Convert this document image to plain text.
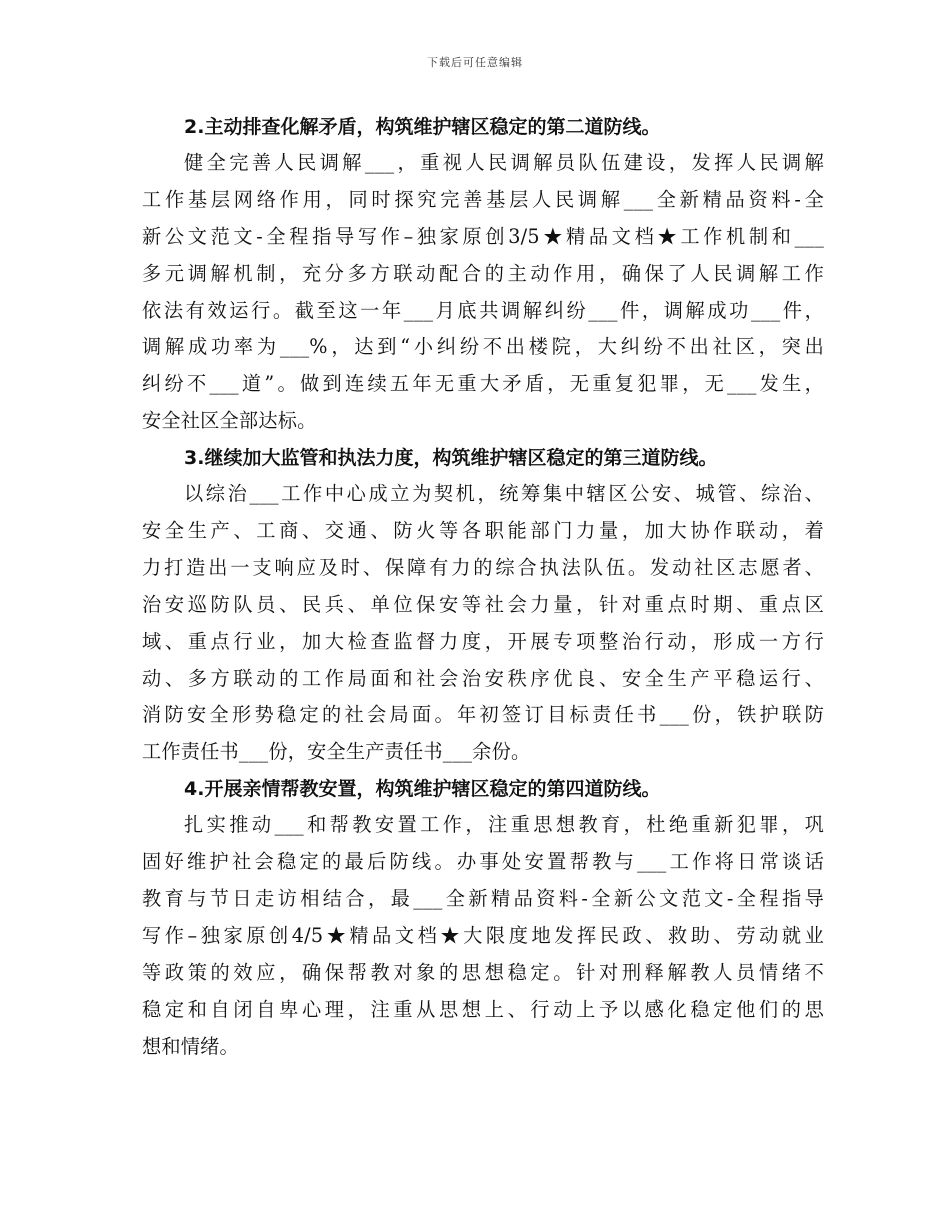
下载后可任意编辑
2.主动排查化解矛盾，构筑维护辖区稳定的第二道防线。

健全完善人民调解___，重视人民调解员队伍建设，发挥人民调解
工作基层网络作用，同时探究完善基层人民调解___全新精品资料-全
新公文范文-全程指导写作–独家原创3/5★精品文档★工作机制和___
多元调解机制，充分多方联动配合的主动作用，确保了人民调解工作
依法有效运行。截至这一年___月底共调解纠纷___件，调解成功___件，
调解成功率为___%，达到“小纠纷不出楼院，大纠纷不出社区，突出
纠纷不___道”。做到连续五年无重大矛盾，无重复犯罪，无___发生，
安全社区全部达标。

3.继续加大监管和执法力度，构筑维护辖区稳定的第三道防线。

以综治___工作中心成立为契机，统筹集中辖区公安、城管、综治、
安全生产、工商、交通、防火等各职能部门力量，加大协作联动，着
力打造出一支响应及时、保障有力的综合执法队伍。发动社区志愿者、
治安巡防队员、民兵、单位保安等社会力量，针对重点时期、重点区
域、重点行业，加大检查监督力度，开展专项整治行动，形成一方行
动、多方联动的工作局面和社会治安秩序优良、安全生产平稳运行、
消防安全形势稳定的社会局面。年初签订目标责任书___份，铁护联防
工作责任书___份，安全生产责任书___余份。

4.开展亲情帮教安置，构筑维护辖区稳定的第四道防线。

扎实推动___和帮教安置工作，注重思想教育，杜绝重新犯罪，巩
固好维护社会稳定的最后防线。办事处安置帮教与___工作将日常谈话
教育与节日走访相结合，最___全新精品资料-全新公文范文-全程指导
写作–独家原创4/5★精品文档★大限度地发挥民政、救助、劳动就业
等政策的效应，确保帮教对象的思想稳定。针对刑释解教人员情绪不
稳定和自闭自卑心理，注重从思想上、行动上予以感化稳定他们的思
想和情绪。
